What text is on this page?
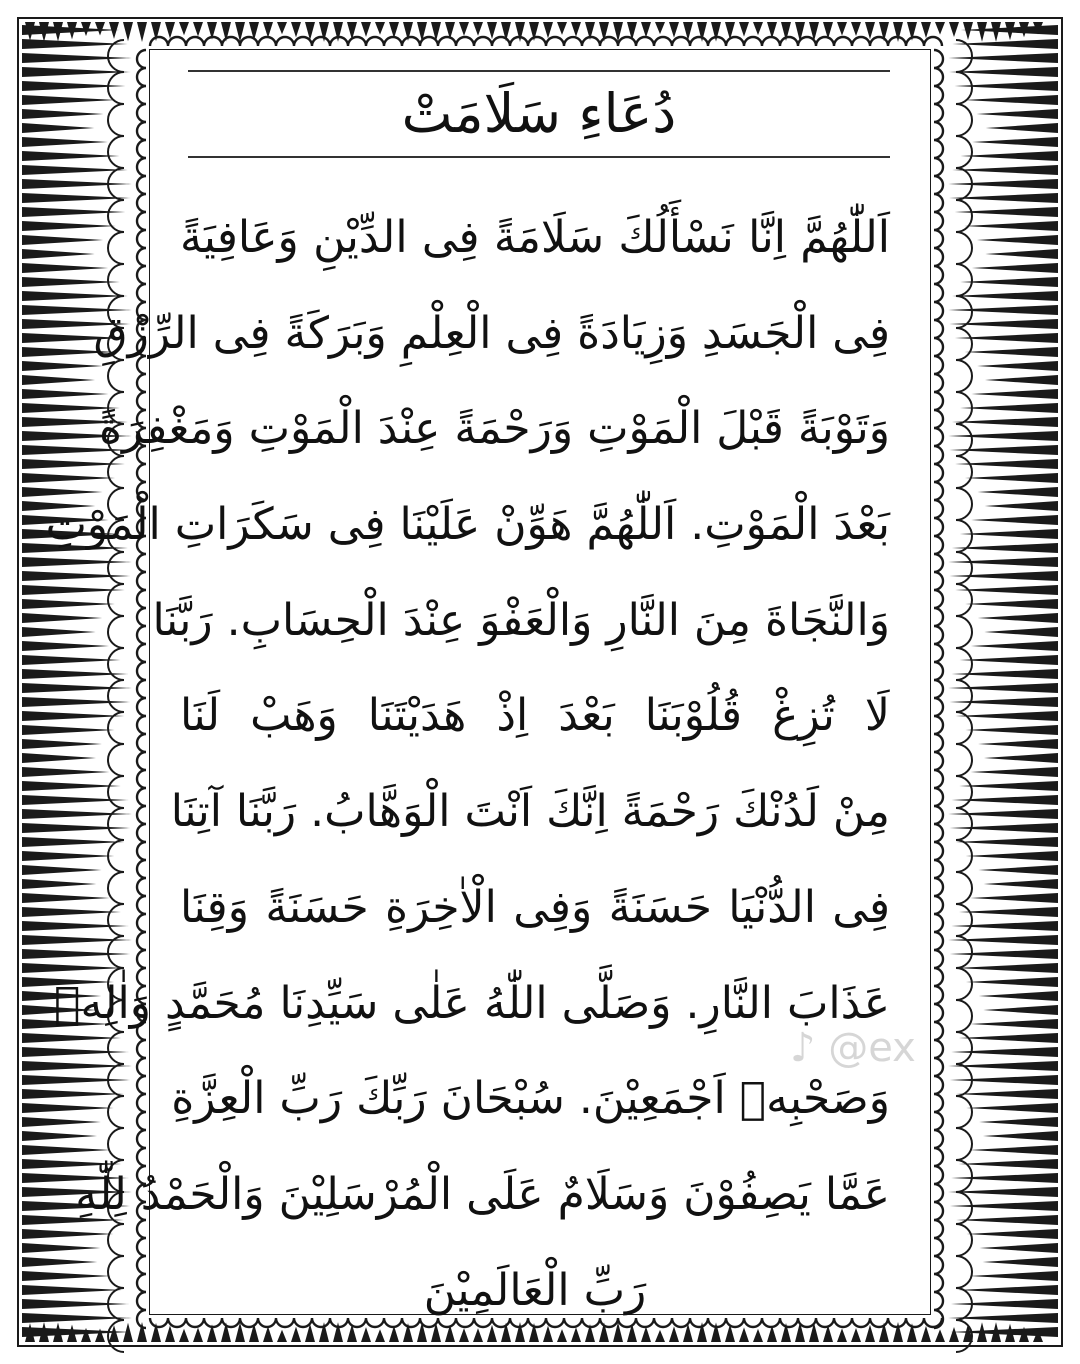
دُعَاءِ سَلَامَتْ
اَللّٰهُمَّ اِنَّا نَسْأَلُكَ سَلَامَةً فِى الدِّيْنِ وَعَافِيَةً
فِى الْجَسَدِ وَزِيَادَةً فِى الْعِلْمِ وَبَرَكَةً فِى الرِّزْقِ
وَتَوْبَةً قَبْلَ الْمَوْتِ وَرَحْمَةً عِنْدَ الْمَوْتِ وَمَغْفِرَةً
بَعْدَ الْمَوْتِ. اَللّٰهُمَّ هَوِّنْ عَلَيْنَا فِى سَكَرَاتِ الْمَوْتِ
وَالنَّجَاةَ مِنَ النَّارِ وَالْعَفْوَ عِنْدَ الْحِسَابِ. رَبَّنَا
لَا تُزِغْ قُلُوْبَنَا بَعْدَ اِذْ هَدَيْتَنَا وَهَبْ لَنَا
مِنْ لَدُنْكَ رَحْمَةً اِنَّكَ اَنْتَ الْوَهَّابُ. رَبَّنَا آتِنَا
فِى الدُّنْيَا حَسَنَةً وَفِى الْاٰخِرَةِ حَسَنَةً وَقِنَا
عَذَابَ النَّارِ. وَصَلَّى اللّٰهُ عَلٰى سَيِّدِنَا مُحَمَّدٍ وَاٰلِهٖ
وَصَحْبِهٖ اَجْمَعِيْنَ. سُبْحَانَ رَبِّكَ رَبِّ الْعِزَّةِ
عَمَّا يَصِفُوْنَ وَسَلَامٌ عَلَى الْمُرْسَلِيْنَ وَالْحَمْدُ لِلّٰهِ
رَبِّ الْعَالَمِيْنَ
♪ @ex
